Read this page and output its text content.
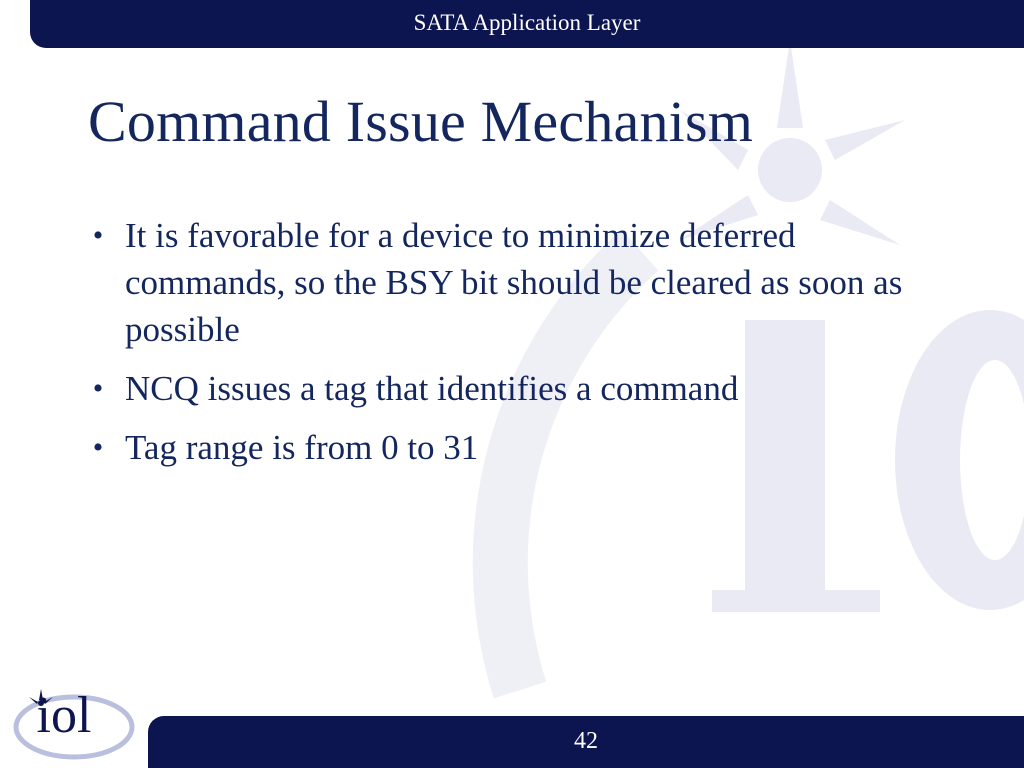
SATA Application Layer
Command Issue Mechanism
• It is favorable for a device to minimize deferred commands, so the BSY bit should be cleared as soon as possible
• NCQ issues a tag that identifies a command
• Tag range is from 0 to 31
iol	42
